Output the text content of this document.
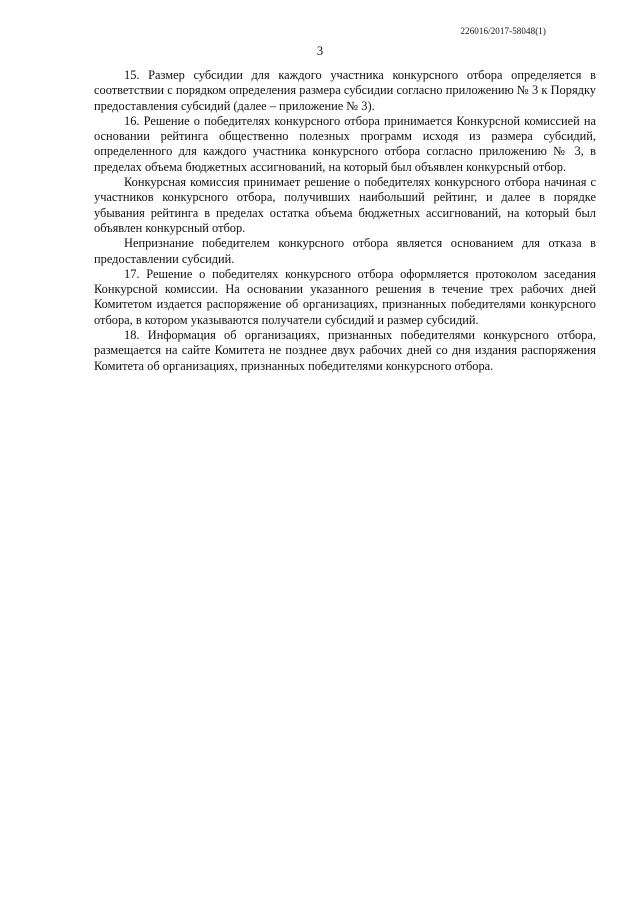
226016/2017-58048(1)
3

15. Размер субсидии для каждого участника конкурсного отбора определяется в соответствии с порядком определения размера субсидии согласно приложению № 3 к Порядку предоставления субсидий (далее – приложение № 3).

16. Решение о победителях конкурсного отбора принимается Конкурсной комиссией на основании рейтинга общественно полезных программ исходя из размера субсидий, определенного для каждого участника конкурсного отбора согласно приложению № 3, в пределах объема бюджетных ассигнований, на который был объявлен конкурсный отбор.

Конкурсная комиссия принимает решение о победителях конкурсного отбора начиная с участников конкурсного отбора, получивших наибольший рейтинг, и далее в порядке убывания рейтинга в пределах остатка объема бюджетных ассигнований, на который был объявлен конкурсный отбор.

Непризнание победителем конкурсного отбора является основанием для отказа в предоставлении субсидий.

17. Решение о победителях конкурсного отбора оформляется протоколом заседания Конкурсной комиссии. На основании указанного решения в течение трех рабочих дней Комитетом издается распоряжение об организациях, признанных победителями конкурсного отбора, в котором указываются получатели субсидий и размер субсидий.

18. Информация об организациях, признанных победителями конкурсного отбора, размещается на сайте Комитета не позднее двух рабочих дней со дня издания распоряжения Комитета об организациях, признанных победителями конкурсного отбора.
